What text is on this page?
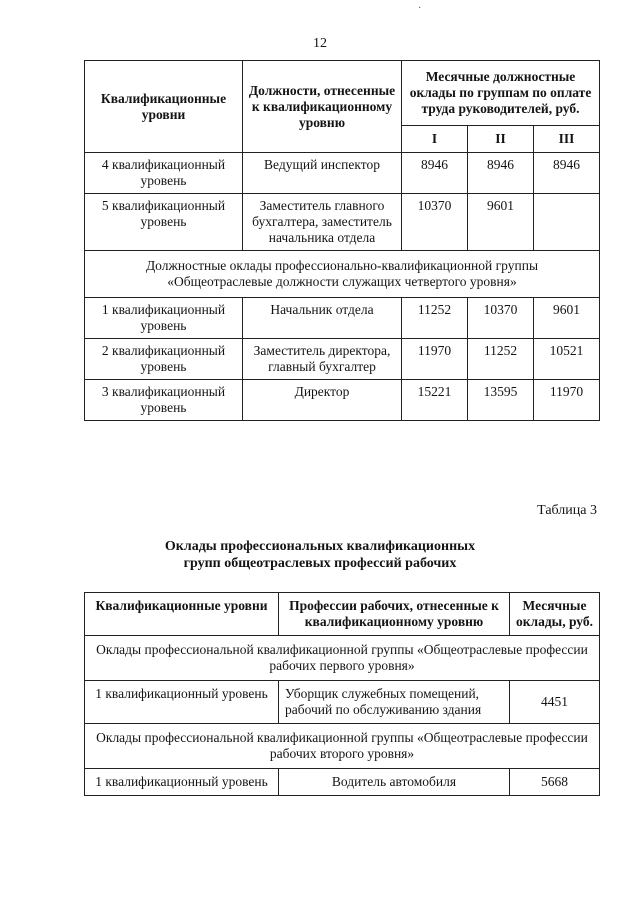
·
12
Квалификационные уровни	Должности, отнесенные к квалификационному уровню	Месячные должностные оклады по группам по оплате труда руководителей, руб.		
		I	II	III
4 квалификационный уровень	Ведущий инспектор	8946	8946	8946
5 квалификационный уровень	Заместитель главного бухгалтера, заместитель начальника отдела	10370	9601	
Должностные оклады профессионально-квалификационной группы «Общеотраслевые должности служащих четвертого уровня»				
1 квалификационный уровень	Начальник отдела	11252	10370	9601
2 квалификационный уровень	Заместитель директора, главный бухгалтер	11970	11252	10521
3 квалификационный уровень	Директор	15221	13595	11970
Таблица 3
Оклады профессиональных квалификационных
групп общеотраслевых профессий рабочих
Квалификационные уровни	Профессии рабочих, отнесенные к квалификационному уровню	Месячные оклады, руб.
Оклады профессиональной квалификационной группы «Общеотраслевые профессии рабочих первого уровня»		
1 квалификационный уровень	Уборщик служебных помещений, рабочий по обслуживанию здания	4451
Оклады профессиональной квалификационной группы «Общеотраслевые профессии рабочих второго уровня»		
1 квалификационный уровень	Водитель автомобиля	5668
